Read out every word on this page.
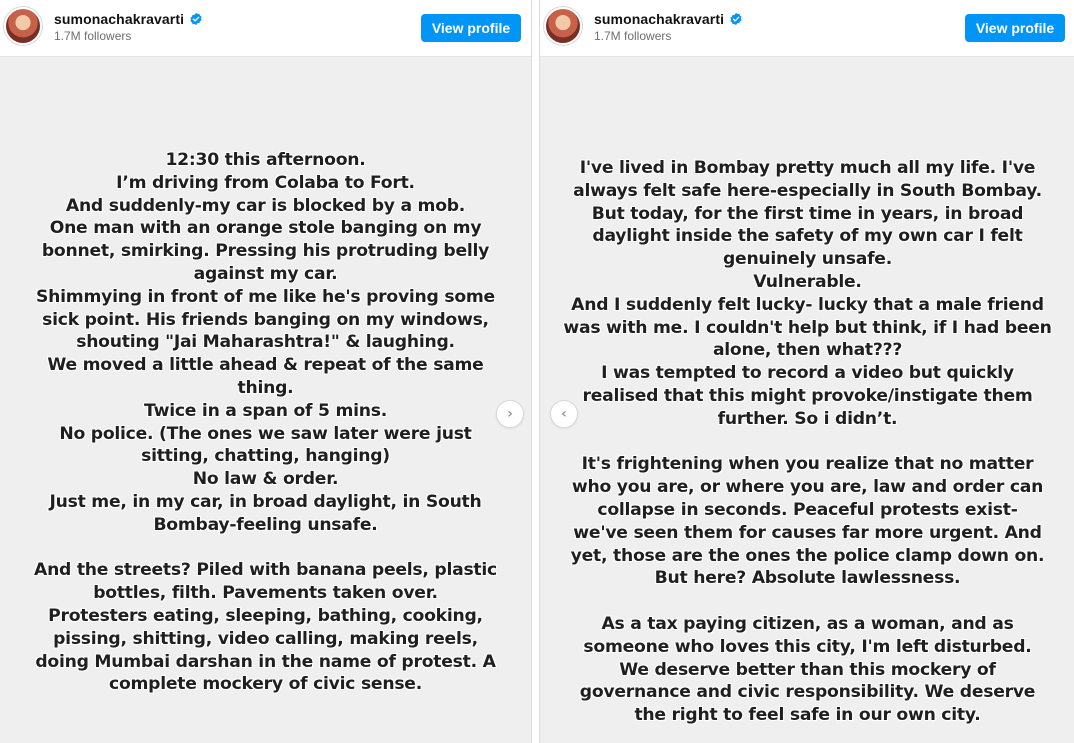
sumonachakravarti
1.7M followers	View profile
12:30 this afternoon.
I’m driving from Colaba to Fort.
And suddenly-my car is blocked by a mob.
One man with an orange stole banging on my
bonnet, smirking. Pressing his protruding belly
against my car.
Shimmying in front of me like he's proving some
sick point. His friends banging on my windows,
shouting "Jai Maharashtra!" & laughing.
We moved a little ahead & repeat of the same
thing.
Twice in a span of 5 mins.
No police. (The ones we saw later were just
sitting, chatting, hanging)
No law & order.
Just me, in my car, in broad daylight, in South
Bombay-feeling unsafe.
And the streets? Piled with banana peels, plastic
bottles, filth. Pavements taken over.
Protesters eating, sleeping, bathing, cooking,
pissing, shitting, video calling, making reels,
doing Mumbai darshan in the name of protest. A
complete mockery of civic sense.
›
sumonachakravarti
1.7M followers	View profile
I've lived in Bombay pretty much all my life. I've
always felt safe here-especially in South Bombay.
But today, for the first time in years, in broad
daylight inside the safety of my own car I felt
genuinely unsafe.
Vulnerable.
And I suddenly felt lucky- lucky that a male friend
was with me. I couldn't help but think, if I had been
alone, then what???
I was tempted to record a video but quickly
realised that this might provoke/instigate them
further. So i didn’t.
It's frightening when you realize that no matter
who you are, or where you are, law and order can
collapse in seconds. Peaceful protests exist-
we've seen them for causes far more urgent. And
yet, those are the ones the police clamp down on.
But here? Absolute lawlessness.
As a tax paying citizen, as a woman, and as
someone who loves this city, I'm left disturbed.
We deserve better than this mockery of
governance and civic responsibility. We deserve
the right to feel safe in our own city.
‹
